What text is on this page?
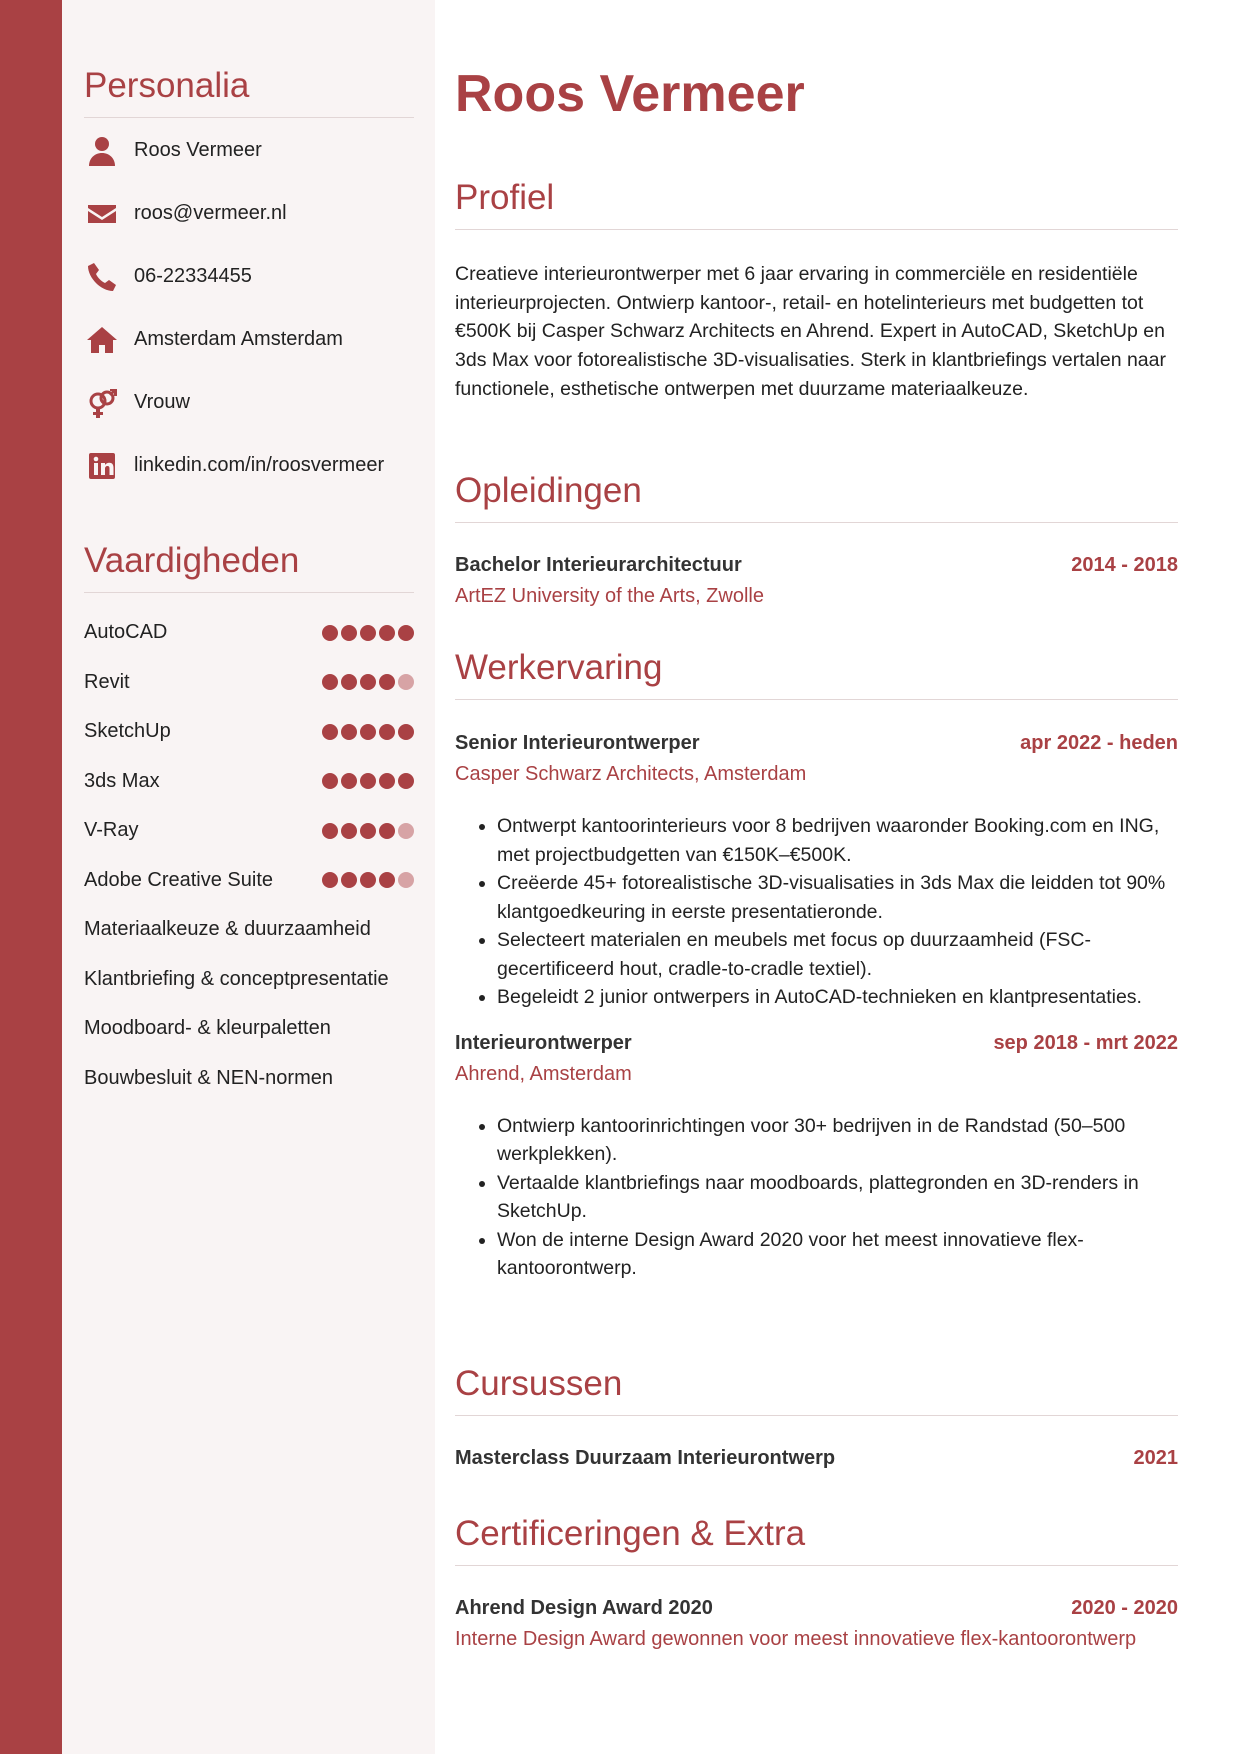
Personalia
Roos Vermeer
roos@vermeer.nl
06-22334455
Amsterdam Amsterdam
Vrouw
linkedin.com/in/roosvermeer
Vaardigheden
AutoCAD
Revit
SketchUp
3ds Max
V-Ray
Adobe Creative Suite
Materiaalkeuze & duurzaamheid
Klantbriefing & conceptpresentatie
Moodboard- & kleurpaletten
Bouwbesluit & NEN-normen
Roos Vermeer
Profiel

Creatieve interieurontwerper met 6 jaar ervaring in commerciële en residentiële interieurprojecten. Ontwierp kantoor-, retail- en hotelinterieurs met budgetten tot €500K bij Casper Schwarz Architects en Ahrend. Expert in AutoCAD, SketchUp en 3ds Max voor fotorealistische 3D-visualisaties. Sterk in klantbriefings vertalen naar functionele, esthetische ontwerpen met duurzame materiaalkeuze.

Opleidingen
Bachelor Interieurarchitectuur	2014 - 2018
ArtEZ University of the Arts, Zwolle
Werkervaring
Senior Interieurontwerper	apr 2022 - heden
Casper Schwarz Architects, Amsterdam
• Ontwerpt kantoorinterieurs voor 8 bedrijven waaronder Booking.com en ING, met projectbudgetten van €150K–€500K.
• Creëerde 45+ fotorealistische 3D-visualisaties in 3ds Max die leidden tot 90% klantgoedkeuring in eerste presentatieronde.
• Selecteert materialen en meubels met focus op duurzaamheid (FSC-gecertificeerd hout, cradle-to-cradle textiel).
• Begeleidt 2 junior ontwerpers in AutoCAD-technieken en klantpresentaties.
Interieurontwerper	sep 2018 - mrt 2022
Ahrend, Amsterdam
• Ontwierp kantoorinrichtingen voor 30+ bedrijven in de Randstad (50–500 werkplekken).
• Vertaalde klantbriefings naar moodboards, plattegronden en 3D-renders in SketchUp.
• Won de interne Design Award 2020 voor het meest innovatieve flex-kantoorontwerp.
Cursussen
Masterclass Duurzaam Interieurontwerp	2021
Certificeringen & Extra
Ahrend Design Award 2020	2020 - 2020
Interne Design Award gewonnen voor meest innovatieve flex-kantoorontwerp
